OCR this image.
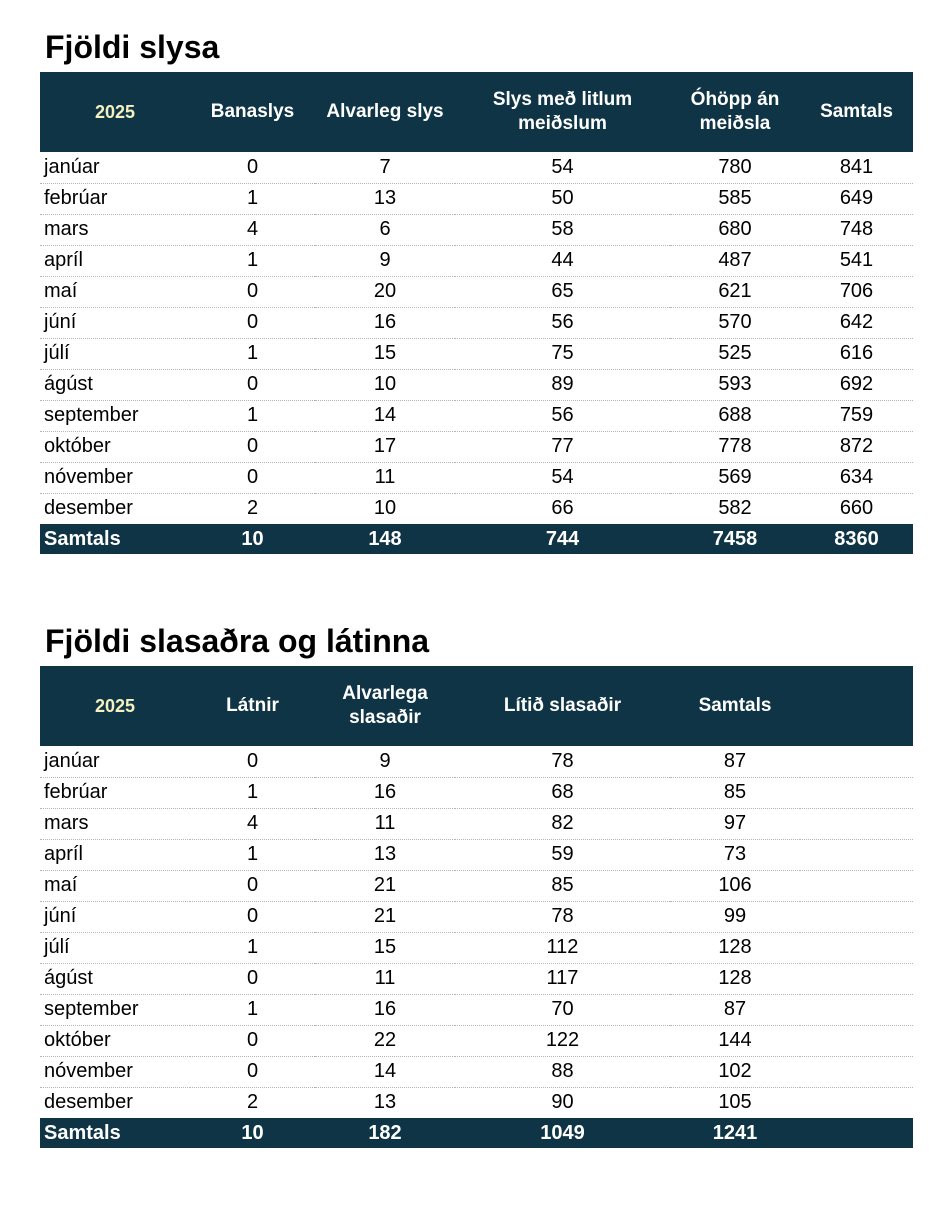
Fjöldi slysa
2025	Banaslys	Alvarleg slys	Slys með litlum meiðslum	Óhöpp án meiðsla	Samtals
janúar	0	7	54	780	841
febrúar	1	13	50	585	649
mars	4	6	58	680	748
apríl	1	9	44	487	541
maí	0	20	65	621	706
júní	0	16	56	570	642
júlí	1	15	75	525	616
ágúst	0	10	89	593	692
september	1	14	56	688	759
október	0	17	77	778	872
nóvember	0	11	54	569	634
desember	2	10	66	582	660
Samtals	10	148	744	7458	8360
Fjöldi slasaðra og látinna
2025	Látnir	Alvarlega slasaðir	Lítið slasaðir	Samtals	
janúar	0	9	78	87	
febrúar	1	16	68	85	
mars	4	11	82	97	
apríl	1	13	59	73	
maí	0	21	85	106	
júní	0	21	78	99	
júlí	1	15	112	128	
ágúst	0	11	117	128	
september	1	16	70	87	
október	0	22	122	144	
nóvember	0	14	88	102	
desember	2	13	90	105	
Samtals	10	182	1049	1241	
